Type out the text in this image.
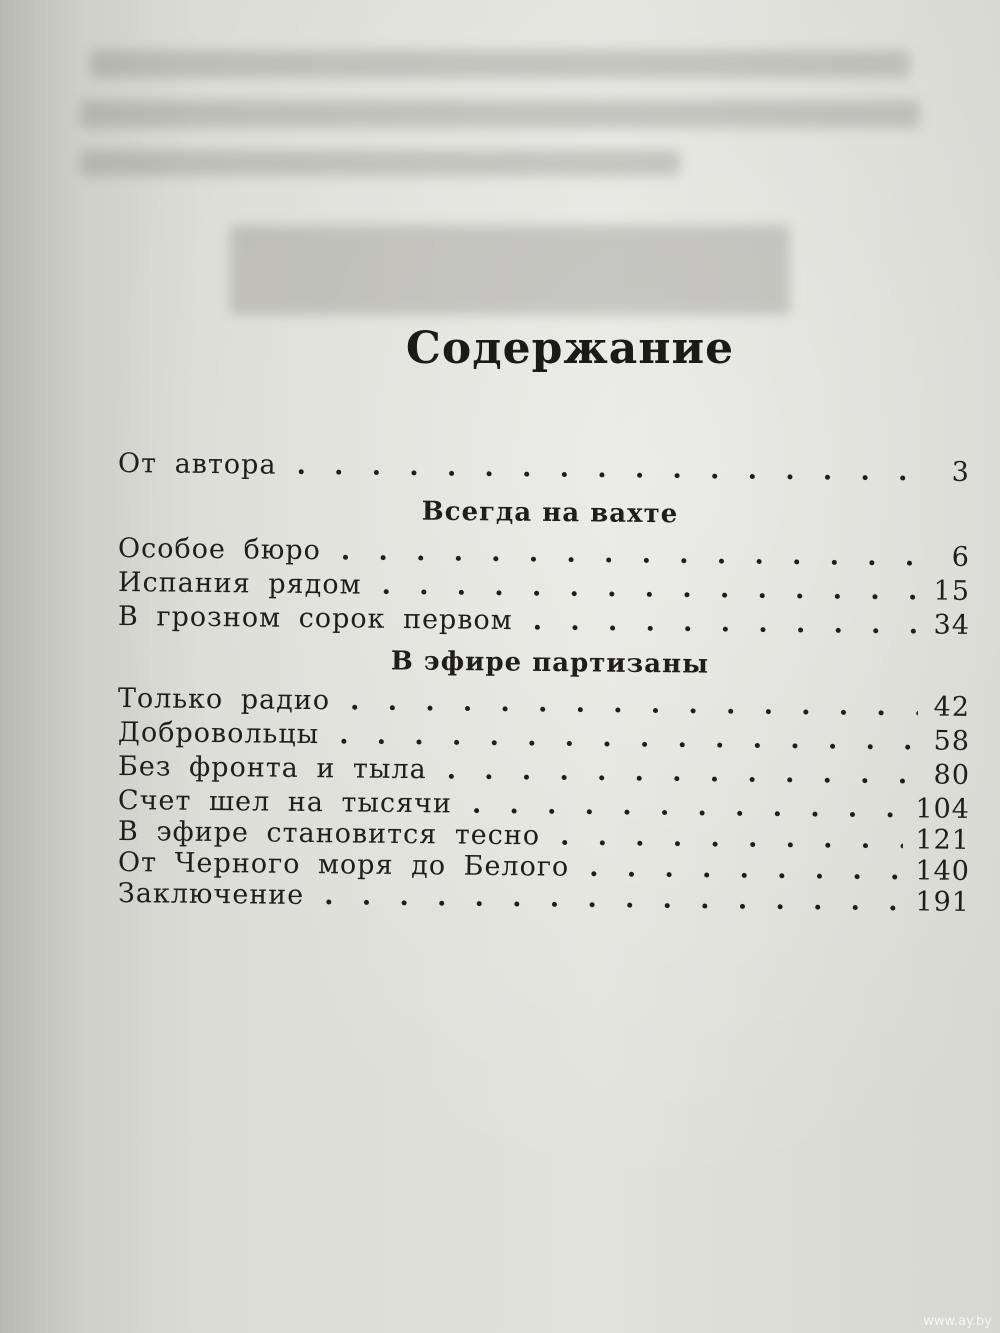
Содержание
От автора .   .	3
Всегда на вахте
Особое бюро .   .	6
Испания рядом .   .	15
В грозном сорок первом .   .	34
В эфире партизаны
Только радио .   .	42
Добровольцы .   .	58
Без фронта и тыла .   .	80
Счет шел на тысячи .   .	104
В эфире становится тесно .   .	121
От Черного моря до Белого .   .	140
Заключение .   .	191
www.ay.by
